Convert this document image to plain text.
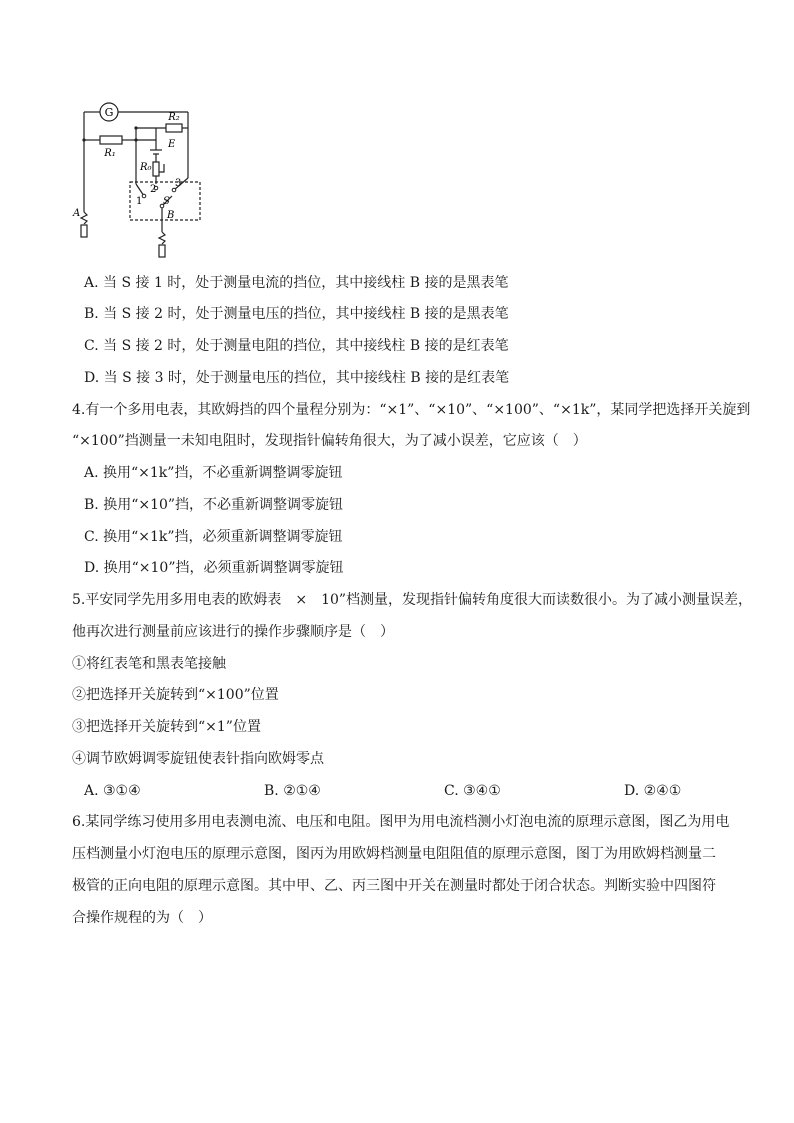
G
R₁
R₂
E
R₀
1
2
3
S
B
A
A. 当 S 接 1 时，处于测量电流的挡位，其中接线柱 B 接的是黑表笔
B. 当 S 接 2 时，处于测量电压的挡位，其中接线柱 B 接的是黑表笔
C. 当 S 接 2 时，处于测量电阻的挡位，其中接线柱 B 接的是红表笔
D. 当 S 接 3 时，处于测量电压的挡位，其中接线柱 B 接的是红表笔
4.有一个多用电表，其欧姆挡的四个量程分别为：“×1”、“×10”、“×100”、“×1k”，某同学把选择开关旋到
“×100”挡测量一未知电阻时，发现指针偏转角很大，为了减小误差，它应该（　）
A. 换用“×1k”挡，不必重新调整调零旋钮
B. 换用“×10”挡，不必重新调整调零旋钮
C. 换用“×1k”挡，必须重新调整调零旋钮
D. 换用“×10”挡，必须重新调整调零旋钮
5.平安同学先用多用电表的欧姆表　×　10”档测量，发现指针偏转角度很大而读数很小。为了减小测量误差，
他再次进行测量前应该进行的操作步骤顺序是（　）
①将红表笔和黑表笔接触
②把选择开关旋转到“×100”位置
③把选择开关旋转到“×1”位置
④调节欧姆调零旋钮使表针指向欧姆零点
A. ③①④	B. ②①④	C. ③④①	D. ②④①
6.某同学练习使用多用电表测电流、电压和电阻。图甲为用电流档测小灯泡电流的原理示意图，图乙为用电
压档测量小灯泡电压的原理示意图，图丙为用欧姆档测量电阻阻值的原理示意图，图丁为用欧姆档测量二
极管的正向电阻的原理示意图。其中甲、乙、丙三图中开关在测量时都处于闭合状态。判断实验中四图符
合操作规程的为（　）
